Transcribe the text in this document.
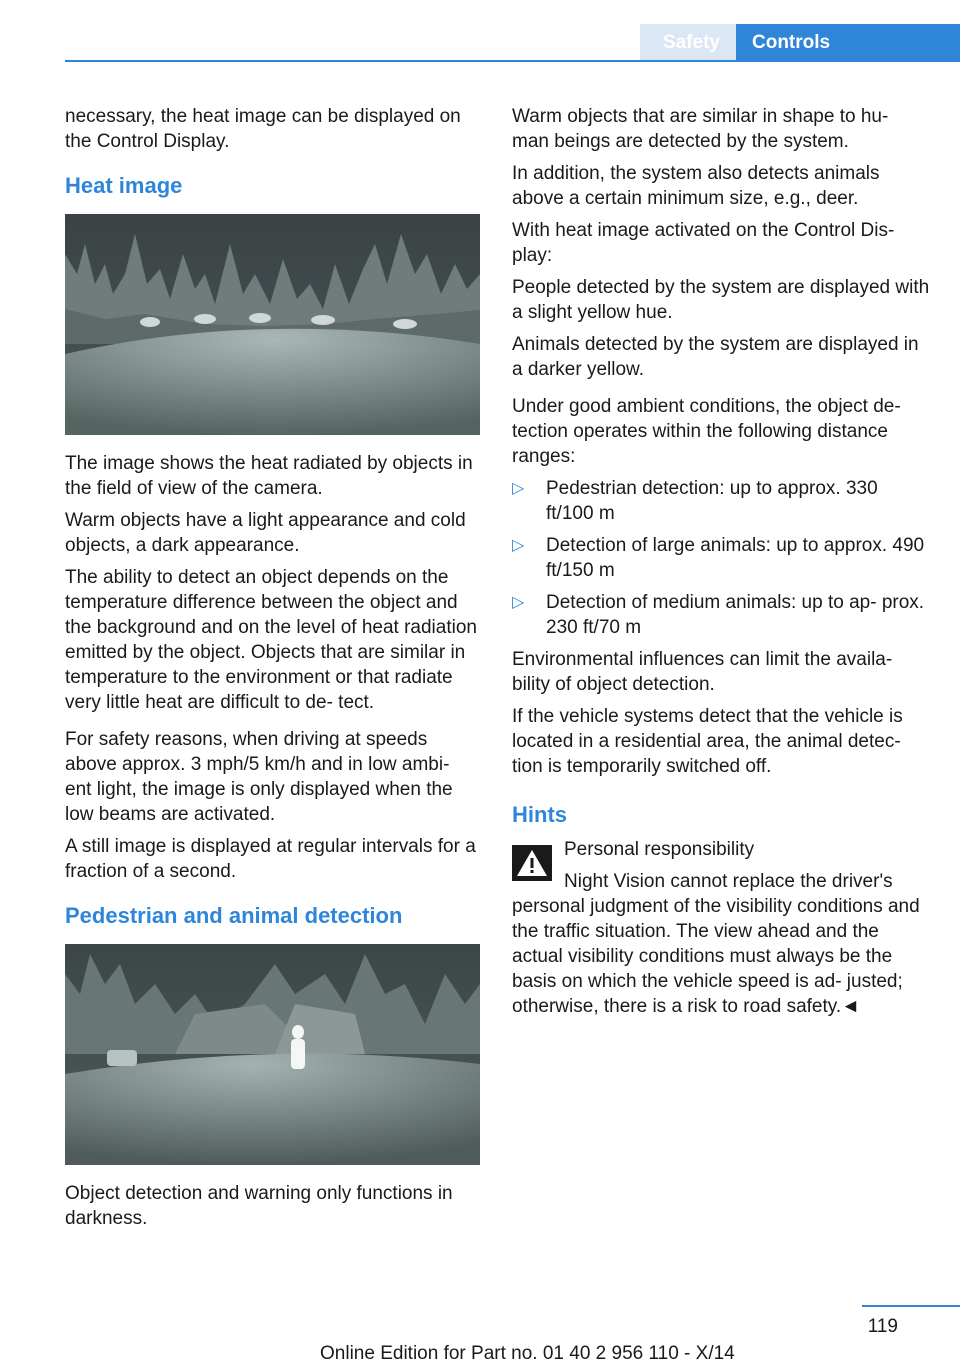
Safety	Controls

necessary, the heat image can be displayed on the Control Display.

Heat image

The image shows the heat radiated by objects in the field of view of the camera.

Warm objects have a light appearance and cold objects, a dark appearance.

The ability to detect an object depends on the temperature difference between the object and the background and on the level of heat radiation emitted by the object. Objects that are similar in temperature to the environment or that radiate very little heat are difficult to de‐ tect.

For safety reasons, when driving at speeds above approx. 3 mph/5 km/h and in low ambi‐ ent light, the image is only displayed when the low beams are activated.

A still image is displayed at regular intervals for a fraction of a second.

Pedestrian and animal detection

Object detection and warning only functions in darkness.

Warm objects that are similar in shape to hu‐ man beings are detected by the system.

In addition, the system also detects animals above a certain minimum size, e.g., deer.

With heat image activated on the Control Dis‐ play:

People detected by the system are displayed with a slight yellow hue.

Animals detected by the system are displayed in a darker yellow.

Under good ambient conditions, the object de‐ tection operates within the following distance ranges:

▷ Pedestrian detection: up to approx. 330 ft/100 m
▷ Detection of large animals: up to approx. 490 ft/150 m
▷ Detection of medium animals: up to ap‐ prox. 230 ft/70 m

Environmental influences can limit the availa‐ bility of object detection.

If the vehicle systems detect that the vehicle is located in a residential area, the animal detec‐ tion is temporarily switched off.

Hints

Personal responsibility

Night Vision cannot replace the driver's personal judgment of the visibility conditions and the traffic situation. The view ahead and the actual visibility conditions must always be the basis on which the vehicle speed is ad‐ justed; otherwise, there is a risk to road safety.◄

119
Online Edition for Part no. 01 40 2 956 110 - X/14
